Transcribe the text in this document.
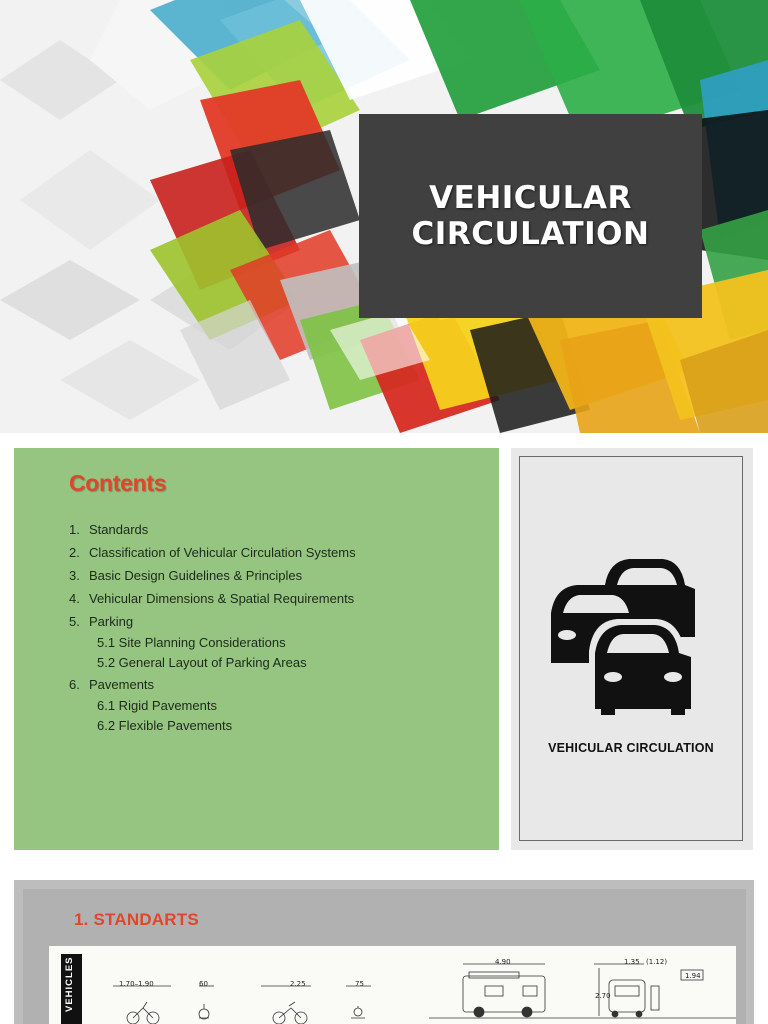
VEHICULAR
CIRCULATION
Contents
1. Standards
2. Classification of Vehicular Circulation Systems
3. Basic Design Guidelines & Principles
4. Vehicular Dimensions & Spatial Requirements
5. Parking
5.1 Site Planning Considerations
5.2 General Layout of Parking Areas
6. Pavements
6.1 Rigid Pavements
6.2 Flexible Pavements
VEHICULAR CIRCULATION
1. STANDARTS
1.70–1.90	60	2.25	75
4.90	1.35 (1.12)
1.94
2.70
VEHICLES
